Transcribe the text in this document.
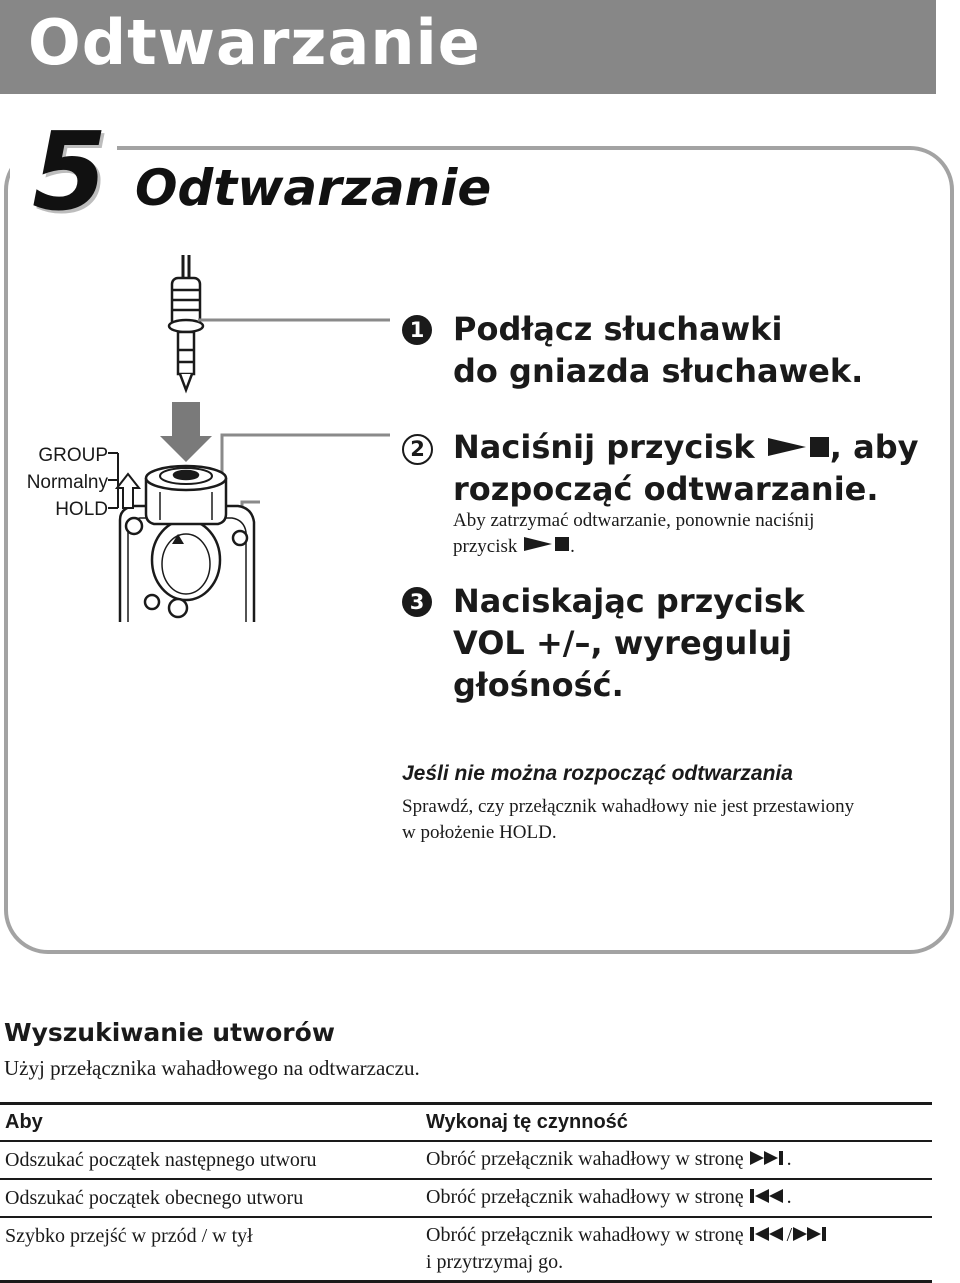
Odtwarzanie
5 Odtwarzanie
GROUP
Normalny
HOLD
1 Podłącz słuchawki
do gniazda słuchawek.
2 Naciśnij przycisk , aby
rozpocząć odtwarzanie.
Aby zatrzymać odtwarzanie, ponownie naciśnij
przycisk	.
3 Naciskając przycisk
VOL +/–, wyreguluj
głośność.
Jeśli nie można rozpocząć odtwarzania
Sprawdź, czy przełącznik wahadłowy nie jest przestawiony
w położenie HOLD.
Wyszukiwanie utworów
Użyj przełącznika wahadłowego na odtwarzaczu.
Aby	Wykonaj tę czynność
Odszukać początek następnego utworu	Obróć przełącznik wahadłowy w stronę .
Odszukać początek obecnego utworu	Obróć przełącznik wahadłowy w stronę .
Szybko przejść w przód / w tył	Obróć przełącznik wahadłowy w stronę /
i przytrzymaj go.
